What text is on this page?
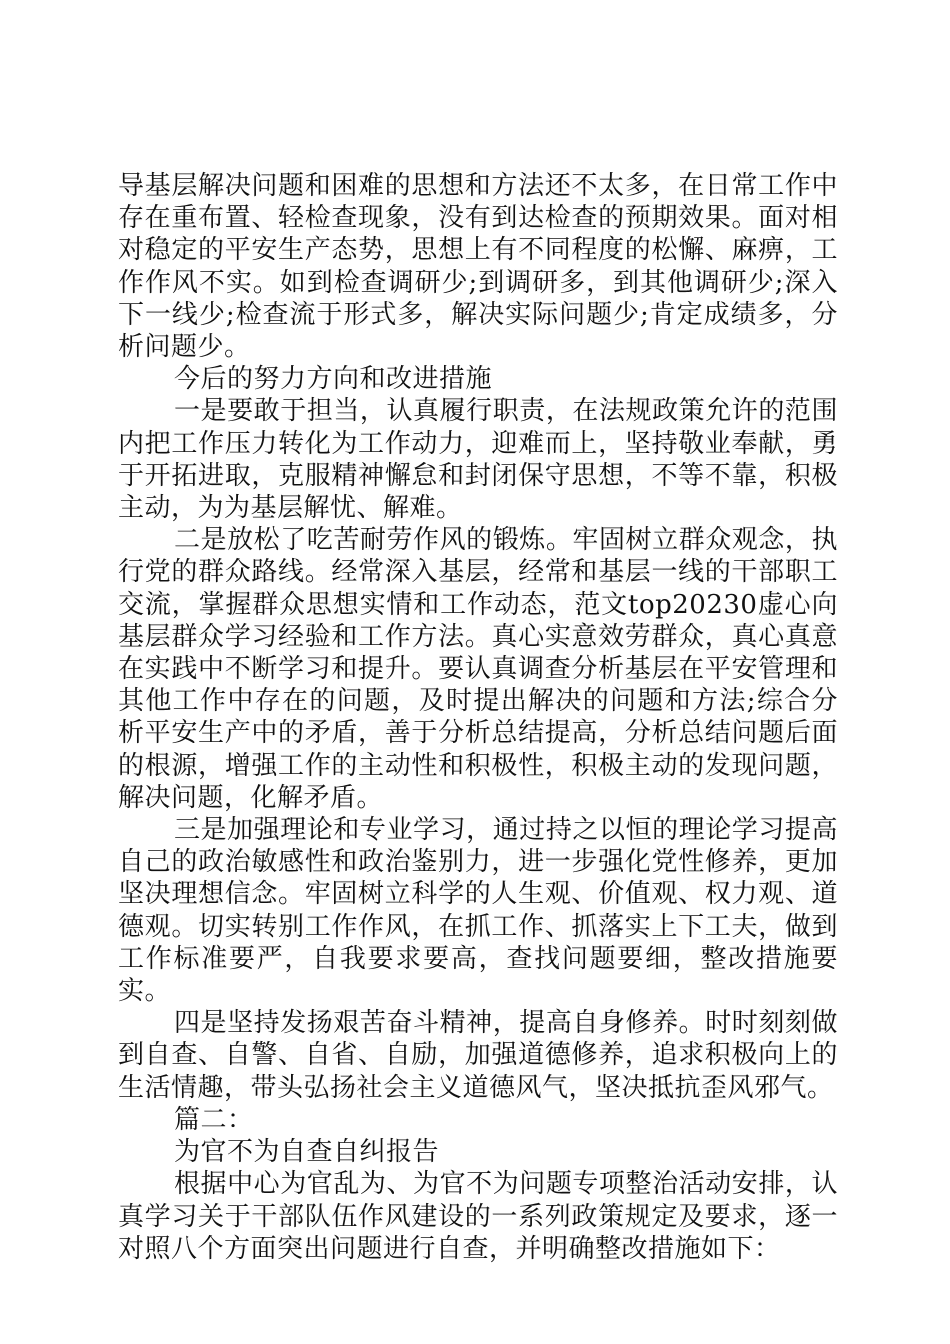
导基层解决问题和困难的思想和方法还不太多，在日常工作中存在重布置、轻检查现象，没有到达检查的预期效果。面对相对稳定的平安生产态势，思想上有不同程度的松懈、麻痹，工作作风不实。如到检查调研少;到调研多，到其他调研少;深入下一线少;检查流于形式多，解决实际问题少;肯定成绩多，分析问题少。

今后的努力方向和改进措施

一是要敢于担当，认真履行职责，在法规政策允许的范围内把工作压力转化为工作动力，迎难而上，坚持敬业奉献，勇于开拓进取，克服精神懈怠和封闭保守思想，不等不靠，积极主动，为为基层解忧、解难。

二是放松了吃苦耐劳作风的锻炼。牢固树立群众观念，执行党的群众路线。经常深入基层，经常和基层一线的干部职工交流，掌握群众思想实情和工作动态，范文top20230虚心向基层群众学习经验和工作方法。真心实意效劳群众，真心真意在实践中不断学习和提升。要认真调查分析基层在平安管理和其他工作中存在的问题，及时提出解决的问题和方法;综合分析平安生产中的矛盾，善于分析总结提高，分析总结问题后面的根源，增强工作的主动性和积极性，积极主动的发现问题，解决问题，化解矛盾。

三是加强理论和专业学习，通过持之以恒的理论学习提高自己的政治敏感性和政治鉴别力，进一步强化党性修养，更加坚决理想信念。牢固树立科学的人生观、价值观、权力观、道德观。切实转别工作作风，在抓工作、抓落实上下工夫，做到工作标准要严，自我要求要高，查找问题要细，整改措施要实。

四是坚持发扬艰苦奋斗精神，提高自身修养。时时刻刻做到自查、自警、自省、自励，加强道德修养，追求积极向上的生活情趣，带头弘扬社会主义道德风气，坚决抵抗歪风邪气。

篇二：

为官不为自查自纠报告

根据中心为官乱为、为官不为问题专项整治活动安排，认真学习关于干部队伍作风建设的一系列政策规定及要求，逐一对照八个方面突出问题进行自查，并明确整改措施如下：
